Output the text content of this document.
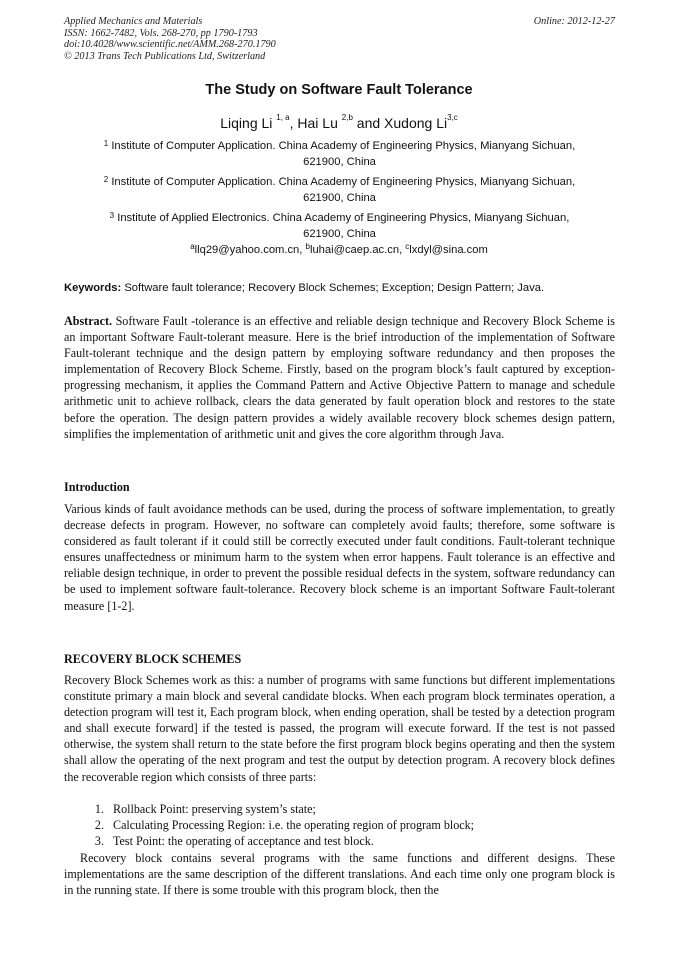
Applied Mechanics and Materials
ISSN: 1662-7482, Vols. 268-270, pp 1790-1793
doi:10.4028/www.scientific.net/AMM.268-270.1790
© 2013 Trans Tech Publications Ltd, Switzerland
Online: 2012-12-27
The Study on Software Fault Tolerance
Liqing Li $^{1, a}$, Hai Lu $^{2,b}$ and Xudong Li$^{3,c}$
$^1$ Institute of Computer Application. China Academy of Engineering Physics, Mianyang Sichuan,
621900, China
$^2$ Institute of Computer Application. China Academy of Engineering Physics, Mianyang Sichuan,
621900, China
$^3$ Institute of Applied Electronics. China Academy of Engineering Physics, Mianyang Sichuan,
621900, China
$^a$llq29@yahoo.com.cn, $^b$luhai@caep.ac.cn, $^c$lxdyl@sina.com
Keywords: Software fault tolerance; Recovery Block Schemes; Exception; Design Pattern; Java.
Abstract. Software Fault -tolerance is an effective and reliable design technique and Recovery Block Scheme is an important Software Fault-tolerant measure. Here is the brief introduction of the implementation of Software Fault-tolerant technique and the design pattern by employing software redundancy and then proposes the implementation of Recovery Block Scheme. Firstly, based on the program block’s fault captured by exception-progressing mechanism, it applies the Command Pattern and Active Objective Pattern to manage and schedule arithmetic unit to achieve rollback, clears the data generated by fault operation block and restores to the state before the operation. The design pattern provides a widely available recovery block schemes design pattern, simplifies the implementation of arithmetic unit and gives the core algorithm through Java.
Introduction
Various kinds of fault avoidance methods can be used, during the process of software implementation, to greatly decrease defects in program. However, no software can completely avoid faults; therefore, some software is considered as fault tolerant if it could still be correctly executed under fault conditions. Fault-tolerant technique ensures unaffectedness or minimum harm to the system when error happens. Fault tolerance is an effective and reliable design technique, in order to prevent the possible residual defects in the system, software redundancy can be used to implement software fault-tolerance. Recovery block scheme is an important Software Fault-tolerant measure [1-2].
RECOVERY BLOCK SCHEMES
Recovery Block Schemes work as this: a number of programs with same functions but different implementations constitute primary a main block and several candidate blocks. When each program block terminates operation, a detection program will test it, Each program block, when ending operation, shall be tested by a detection program and shall execute forward] if the tested is passed, the program will execute forward. If the test is not passed otherwise, the system shall return to the state before the first program block begins operating and then the system shall allow the operating of the next program and test the output by detection program. A recovery block defines the recoverable region which consists of three parts:
1. Rollback Point: preserving system’s state;
2. Calculating Processing Region: i.e. the operating region of program block;
3. Test Point: the operating of acceptance and test block.
Recovery block contains several programs with the same functions and different designs. These implementations are the same description of the different translations. And each time only one program block is in the running state. If there is some trouble with this program block, then the
